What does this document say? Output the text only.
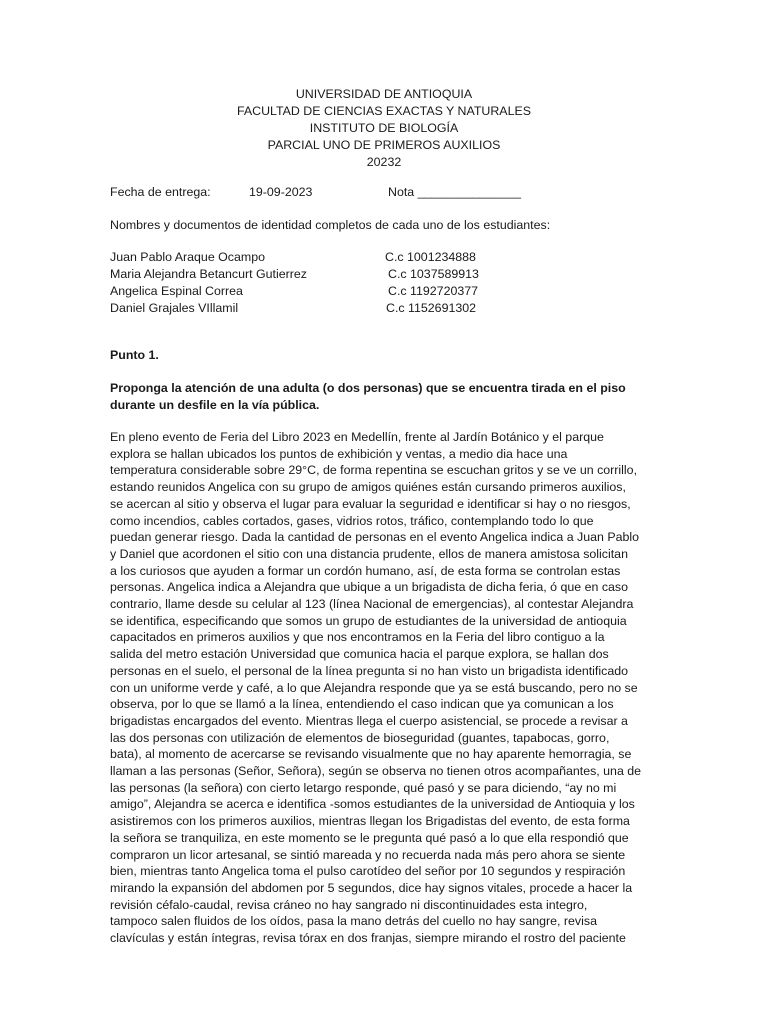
UNIVERSIDAD DE ANTIOQUIA
FACULTAD DE CIENCIAS EXACTAS Y NATURALES
INSTITUTO DE BIOLOGÍA
PARCIAL UNO DE PRIMEROS AUXILIOS
20232
Fecha de entrega:	19-09-2023	Nota _______________
Nombres y documentos de identidad completos de cada uno de los estudiantes:
Juan Pablo Araque Ocampo	C.c 1001234888
Maria Alejandra Betancurt Gutierrez	C.c 1037589913
Angelica Espinal Correa	C.c 1192720377
Daniel Grajales VIllamil	C.c 1152691302
Punto 1.
Proponga la atención de una adulta (o dos personas) que se encuentra tirada en el piso
durante un desfile en la vía pública.
En pleno evento de Feria del Libro 2023 en Medellín, frente al Jardín Botánico y el parque
explora se hallan ubicados los puntos de exhibición y ventas, a medio dia hace una
temperatura considerable sobre 29°C, de forma repentina se escuchan gritos y se ve un corrillo,
estando reunidos Angelica con su grupo de amigos quiénes están cursando primeros auxilios,
se acercan al sitio y observa el lugar para evaluar la seguridad e identificar si hay o no riesgos,
como incendios, cables cortados, gases, vidrios rotos, tráfico, contemplando todo lo que
puedan generar riesgo. Dada la cantidad de personas en el evento Angelica indica a Juan Pablo
y Daniel que acordonen el sitio con una distancia prudente, ellos de manera amistosa solicitan
a los curiosos que ayuden a formar un cordón humano, así, de esta forma se controlan estas
personas. Angelica indica a Alejandra que ubique a un brigadista de dicha feria, ó que en caso
contrario, llame desde su celular al 123 (línea Nacional de emergencias), al contestar Alejandra
se identifica, especificando que somos un grupo de estudiantes de la universidad de antioquia
capacitados en primeros auxilios y que nos encontramos en la Feria del libro contiguo a la
salida del metro estación Universidad que comunica hacia el parque explora, se hallan dos
personas en el suelo, el personal de la línea pregunta si no han visto un brigadista identificado
con un uniforme verde y café, a lo que Alejandra responde que ya se está buscando, pero no se
observa, por lo que se llamó a la línea, entendiendo el caso indican que ya comunican a los
brigadistas encargados del evento. Mientras llega el cuerpo asistencial, se procede a revisar a
las dos personas con utilización de elementos de bioseguridad (guantes, tapabocas, gorro,
bata), al momento de acercarse se revisando visualmente que no hay aparente hemorragia, se
llaman a las personas (Señor, Señora), según se observa no tienen otros acompañantes, una de
las personas (la señora) con cierto letargo responde, qué pasó y se para diciendo, “ay no mi
amigo”, Alejandra se acerca e identifica -somos estudiantes de la universidad de Antioquia y los
asistiremos con los primeros auxilios, mientras llegan los Brigadistas del evento, de esta forma
la señora se tranquiliza, en este momento se le pregunta qué pasó a lo que ella respondió que
compraron un licor artesanal, se sintió mareada y no recuerda nada más pero ahora se siente
bien, mientras tanto Angelica toma el pulso carotídeo del señor por 10 segundos y respiración
mirando la expansión del abdomen por 5 segundos, dice hay signos vitales, procede a hacer la
revisión céfalo-caudal, revisa cráneo no hay sangrado ni discontinuidades esta integro,
tampoco salen fluidos de los oídos, pasa la mano detrás del cuello no hay sangre, revisa
clavículas y están íntegras, revisa tórax en dos franjas, siempre mirando el rostro del paciente
